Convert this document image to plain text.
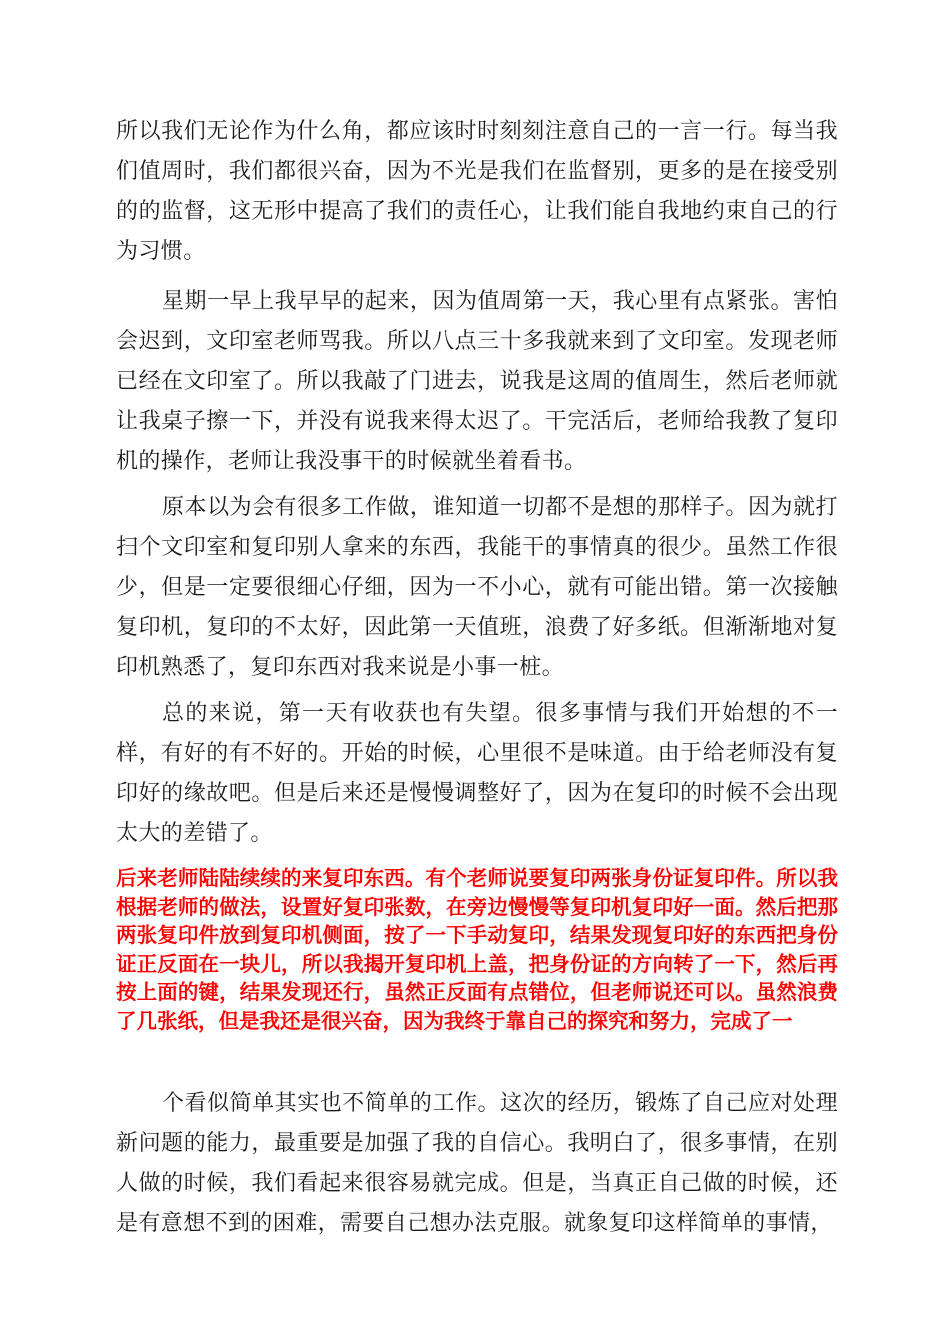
所以我们无论作为什么角，都应该时时刻刻注意自己的一言一行。每当我们值周时，我们都很兴奋，因为不光是我们在监督别，更多的是在接受别的的监督，这无形中提高了我们的责任心，让我们能自我地约束自己的行为习惯。

星期一早上我早早的起来，因为值周第一天，我心里有点紧张。害怕会迟到，文印室老师骂我。所以八点三十多我就来到了文印室。发现老师已经在文印室了。所以我敲了门进去，说我是这周的值周生，然后老师就让我桌子擦一下，并没有说我来得太迟了。干完活后，老师给我教了复印机的操作，老师让我没事干的时候就坐着看书。

原本以为会有很多工作做，谁知道一切都不是想的那样子。因为就打扫个文印室和复印别人拿来的东西，我能干的事情真的很少。虽然工作很少，但是一定要很细心仔细，因为一不小心，就有可能出错。第一次接触复印机，复印的不太好，因此第一天值班，浪费了好多纸。但渐渐地对复印机熟悉了，复印东西对我来说是小事一桩。

总的来说，第一天有收获也有失望。很多事情与我们开始想的不一样，有好的有不好的。开始的时候，心里很不是味道。由于给老师没有复印好的缘故吧。但是后来还是慢慢调整好了，因为在复印的时候不会出现太大的差错了。

后来老师陆陆续续的来复印东西。有个老师说要复印两张身份证复印件。所以我根据老师的做法，设置好复印张数，在旁边慢慢等复印机复印好一面。然后把那两张复印件放到复印机侧面，按了一下手动复印，结果发现复印好的东西把身份证正反面在一块儿，所以我揭开复印机上盖，把身份证的方向转了一下，然后再按上面的键，结果发现还行，虽然正反面有点错位，但老师说还可以。虽然浪费了几张纸，但是我还是很兴奋，因为我终于靠自己的探究和努力，完成了一

个看似简单其实也不简单的工作。这次的经历，锻炼了自己应对处理新问题的能力，最重要是加强了我的自信心。我明白了，很多事情，在别人做的时候，我们看起来很容易就完成。但是，当真正自己做的时候，还是有意想不到的困难，需要自己想办法克服。就象复印这样简单的事情，
